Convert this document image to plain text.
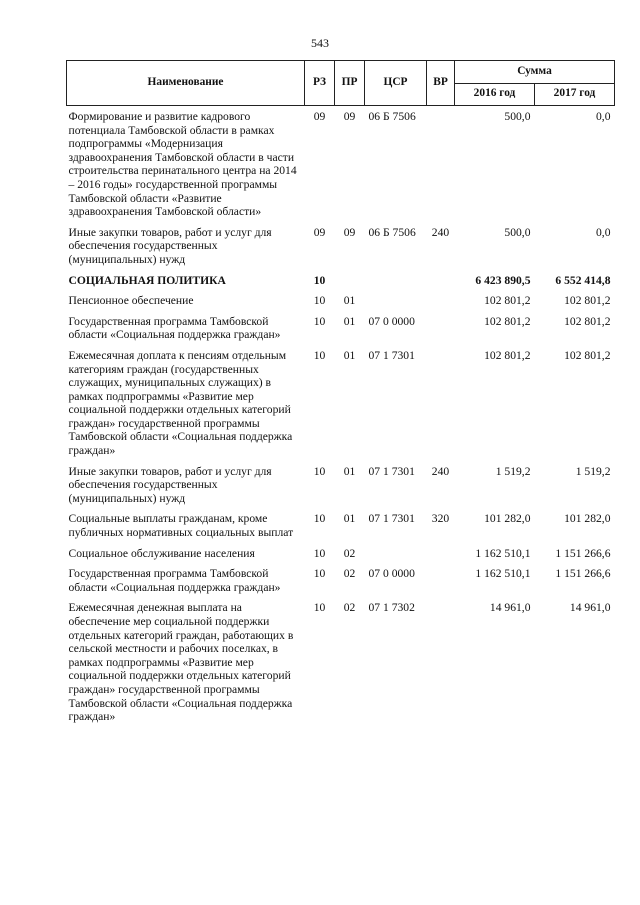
543
Наименование	РЗ	ПР	ЦСР	ВР	Сумма	
					2016 год	2017 год
Формирование и развитие кадрового потенциала Тамбовской области в рамках подпрограммы «Модернизация здравоохранения Тамбовской области в части строительства перинатального центра на 2014 – 2016 годы» государственной программы Тамбовской области «Развитие здравоохранения Тамбовской области»	09	09	06 Б 7506		500,0	0,0
Иные закупки товаров, работ и услуг для обеспечения государственных (муниципальных) нужд	09	09	06 Б 7506	240	500,0	0,0
СОЦИАЛЬНАЯ ПОЛИТИКА	10				6 423 890,5	6 552 414,8
Пенсионное обеспечение	10	01			102 801,2	102 801,2
Государственная программа Тамбовской области «Социальная поддержка граждан»	10	01	07 0 0000		102 801,2	102 801,2
Ежемесячная доплата к пенсиям отдельным категориям граждан (государственных служащих, муниципальных служащих) в рамках подпрограммы «Развитие мер социальной поддержки отдельных категорий граждан» государственной программы Тамбовской области «Социальная поддержка граждан»	10	01	07 1 7301		102 801,2	102 801,2
Иные закупки товаров, работ и услуг для обеспечения государственных (муниципальных) нужд	10	01	07 1 7301	240	1 519,2	1 519,2
Социальные выплаты гражданам, кроме публичных нормативных социальных выплат	10	01	07 1 7301	320	101 282,0	101 282,0
Социальное обслуживание населения	10	02			1 162 510,1	1 151 266,6
Государственная программа Тамбовской области «Социальная поддержка граждан»	10	02	07 0 0000		1 162 510,1	1 151 266,6
Ежемесячная денежная выплата на обеспечение мер социальной поддержки отдельных категорий граждан, работающих в сельской местности и рабочих поселках, в рамках подпрограммы «Развитие мер социальной поддержки отдельных категорий граждан» государственной программы Тамбовской области «Социальная поддержка граждан»	10	02	07 1 7302		14 961,0	14 961,0
